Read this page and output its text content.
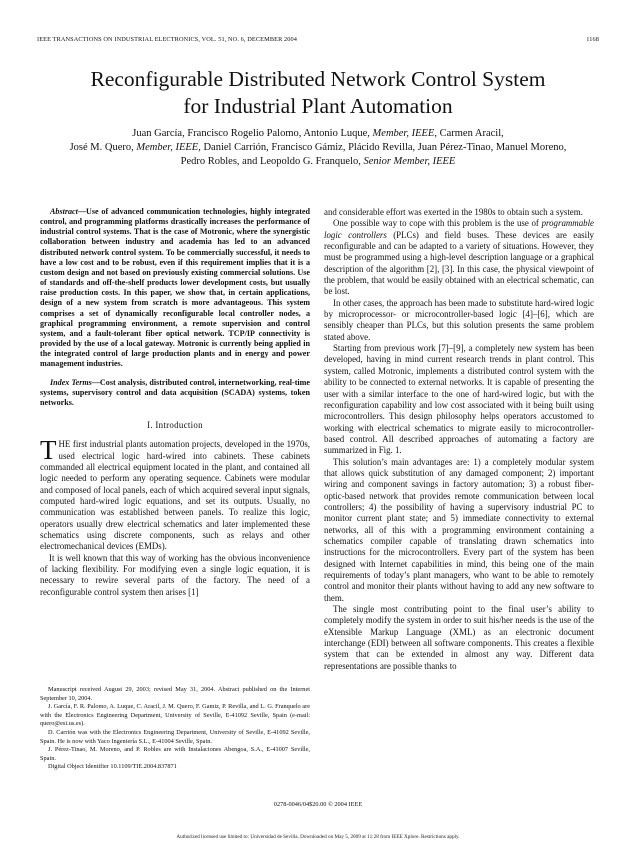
IEEE TRANSACTIONS ON INDUSTRIAL ELECTRONICS, VOL. 51, NO. 6, DECEMBER 2004	1168
Reconfigurable Distributed Network Control System
for Industrial Plant Automation
Juan García, Francisco Rogelio Palomo, Antonio Luque, Member, IEEE, Carmen Aracil,
José M. Quero, Member, IEEE, Daniel Carrión, Francisco Gámiz, Plácido Revilla, Juan Pérez-Tinao, Manuel Moreno,
Pedro Robles, and Leopoldo G. Franquelo, Senior Member, IEEE

Abstract—Use of advanced communication technologies, highly integrated control, and programming platforms drastically increases the performance of industrial control systems. That is the case of Motronic, where the synergistic collaboration between industry and academia has led to an advanced distributed network control system. To be commercially successful, it needs to have a low cost and to be robust, even if this requirement implies that it is a custom design and not based on previously existing commercial solutions. Use of standards and off-the-shelf products lower development costs, but usually raise production costs. In this paper, we show that, in certain applications, design of a new system from scratch is more advantageous. This system comprises a set of dynamically reconfigurable local controller nodes, a graphical programming environment, a remote supervision and control system, and a fault-tolerant fiber optical network. TCP/IP connectivity is provided by the use of a local gateway. Motronic is currently being applied in the integrated control of large production plants and in energy and power management industries.

Index Terms—Cost analysis, distributed control, internetworking, real-time systems, supervisory control and data acquisition (SCADA) systems, token networks.

I. Introduction

THE first industrial plants automation projects, developed in the 1970s, used electrical logic hard-wired into cabinets. These cabinets commanded all electrical equipment located in the plant, and contained all logic needed to perform any operating sequence. Cabinets were modular and composed of local panels, each of which acquired several input signals, computed hard-wired logic equations, and set its outputs. Usually, no communication was established between panels. To realize this logic, operators usually drew electrical schematics and later implemented these schematics using discrete components, such as relays and other electromechanical devices (EMDs).

It is well known that this way of working has the obvious inconvenience of lacking flexibility. For modifying even a single logic equation, it is necessary to rewire several parts of the factory. The need of a reconfigurable control system then arises [1]

Manuscript received August 29, 2003; revised May 31, 2004. Abstract published on the Internet September 10, 2004.

J. García, F. R. Palomo, A. Luque, C. Aracil, J. M. Quero, F. Gamiz, P. Revilla, and L. G. Franquelo are with the Electronics Engineering Department, University of Seville, E-41092 Seville, Spain (e-mail: quero@esi.us.es).

D. Carrión was with the Electronics Engineering Department, University of Seville, E-41092 Seville, Spain. He is now with Yaco Ingeniería S.L., E-41004 Seville, Spain.

J. Pérez-Tinao, M. Moreno, and P. Robles are with Instalaciones Abengoa, S.A., E-41007 Seville, Spain.

Digital Object Identifier 10.1109/TIE.2004.837871

and considerable effort was exerted in the 1980s to obtain such a system.

One possible way to cope with this problem is the use of programmable logic controllers (PLCs) and field buses. These devices are easily reconfigurable and can be adapted to a variety of situations. However, they must be programmed using a high-level description language or a graphical description of the algorithm [2], [3]. In this case, the physical viewpoint of the problem, that would be easily obtained with an electrical schematic, can be lost.

In other cases, the approach has been made to substitute hard-wired logic by microprocessor- or microcontroller-based logic [4]–[6], which are sensibly cheaper than PLCs, but this solution presents the same problem stated above.

Starting from previous work [7]–[9], a completely new system has been developed, having in mind current research trends in plant control. This system, called Motronic, implements a distributed control system with the ability to be connected to external networks. It is capable of presenting the user with a similar interface to the one of hard-wired logic, but with the reconfiguration capability and low cost associated with it being built using microcontrollers. This design philosophy helps operators accustomed to working with electrical schematics to migrate easily to microcontroller-based control. All described approaches of automating a factory are summarized in Fig. 1.

This solution’s main advantages are: 1) a completely modular system that allows quick substitution of any damaged component; 2) important wiring and component savings in factory automation; 3) a robust fiber-optic-based network that provides remote communication between local controllers; 4) the possibility of having a supervisory industrial PC to monitor current plant state; and 5) immediate connectivity to external networks, all of this with a programming environment containing a schematics compiler capable of translating drawn schematics into instructions for the microcontrollers. Every part of the system has been designed with Internet capabilities in mind, this being one of the main requirements of today’s plant managers, who want to be able to remotely control and monitor their plants without having to add any new software to them.

The single most contributing point to the final user’s ability to completely modify the system in order to suit his/her needs is the use of the eXtensible Markup Language (XML) as an electronic document interchange (EDI) between all software components. This creates a flexible system that can be extended in almost any way. Different data representations are possible thanks to

0278-0046/04$20.00 © 2004 IEEE
Authorized licensed use limited to: Universidad de Sevilla. Downloaded on May 5, 2009 at 11:28 from IEEE Xplore. Restrictions apply.
